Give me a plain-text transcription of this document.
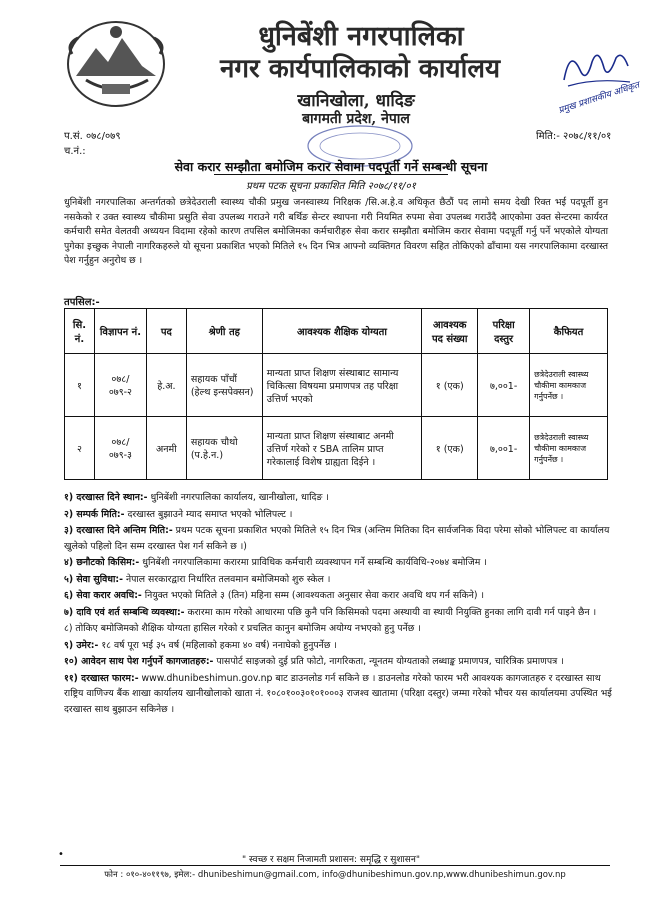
धुनिबेंशी नगरपालिका
नगर कार्यपालिकाको कार्यालय
खानिखोला, धादिङ
बागमती प्रदेश, नेपाल
प्रमुख प्रशासकीय अधिकृत
प.सं. ०७८/०७९
च.नं.:
मिति:- २०७८/११/०१
सेवा करार सम्झौता बमोजिम करार सेवामा पदपूर्ती गर्ने सम्बन्धी सूचना
प्रथम पटक सूचना प्रकाशित मिति २०७८/११/०१
धुनिबेंशी नगरपालिका अन्तर्गतको छत्रेदेउराली स्वास्थ्य चौकी प्रमुख जनस्वास्थ्य निरिक्षक /सि.अ.हे.व अधिकृत छैठौं पद लामो समय देखी रिक्त भई पदपूर्ती हुन नसकेको र उक्त स्वास्थ्य चौकीमा प्रसुति सेवा उपलब्ध गराउने गरी बर्थिङ सेन्टर स्थापना गरी नियमित रुपमा सेवा उपलब्ध गराउँदै आएकोमा उक्त सेन्टरमा कार्यरत कर्मचारी समेत वेलतवी अध्ययन विदामा रहेको कारण तपसिल बमोजिमका कर्मचारीहरु सेवा करार सम्झौता बमोजिम करार सेवामा पदपूर्ती गर्नु पर्ने भएकोले योग्यता पुगेका इच्छुक नेपाली नागरिकहरुले यो सूचना प्रकाशित भएको मितिले १५ दिन भित्र आफ्नो व्यक्तिगत विवरण सहित तोकिएको ढाँचामा यस नगरपालिकामा दरखास्त पेश गर्नुहुन अनुरोध छ ।
तपसिल:-
सि. नं.	विज्ञापन नं.	पद	श्रेणी तह	आवश्यक शैक्षिक योग्यता	आवश्यक पद संख्या	परिक्षा दस्तुर	कैफियत
१	०७८/ ०७९-२	हे.अ.	सहायक पाँचौं (हेल्थ इन्सपेक्सन)	मान्यता प्राप्त शिक्षण संस्थाबाट सामान्य चिकित्सा विषयमा प्रमाणपत्र तह परिक्षा उत्तिर्ण भएको	१ (एक)	७,००1-	छत्रेदेउराली स्वास्थ्य चौकीमा कामकाज गर्नुपर्नेछ ।
२	०७८/ ०७९-३	अनमी	सहायक चौथो (प.हे.न.)	मान्यता प्राप्त शिक्षण संस्थाबाट अनमी उत्तिर्ण गरेको र SBA तालिम प्राप्त गरेकालाई विशेष ग्राह्यता दिईने ।	१ (एक)	७,००1-	छत्रेदेउराली स्वास्थ्य चौकीमा कामकाज गर्नुपर्नेछ ।
१) दरखास्त दिने स्थान:- धुनिबेंशी नगरपालिका कार्यालय, खानीखोला, धादिङ ।
२) सम्पर्क मिति:- दरखास्त बुझाउने म्याद समाप्त भएको भोलिपल्ट ।
३) दरखास्त दिने अन्तिम मिति:- प्रथम पटक सूचना प्रकाशित भएको मितिले १५ दिन भित्र (अन्तिम मितिका दिन सार्वजनिक विदा परेमा सोको भोलिपल्ट वा कार्यालय खुलेको पहिलो दिन सम्म दरखास्त पेश गर्न सकिने छ ।)
४) छनौटको किसिम:- धुनिबेंशी नगरपालिकामा करारमा प्राविधिक कर्मचारी व्यवस्थापन गर्ने सम्बन्धि कार्यविधि-२०७४ बमोजिम ।
५) सेवा सुविधा:- नेपाल सरकारद्वारा निर्धारित तलवमान बमोजिमको शुरु स्केल ।
६) सेवा करार अवधि:- नियुक्त भएको मितिले ३ (तिन) महिना सम्म (आवश्यकता अनुसार सेवा करार अवधि थप गर्न सकिने) ।
७) दावि एवं शर्त सम्बन्धि व्यवस्था:- करारमा काम गरेको आधारमा पछि कुनै पनि किसिमको पदमा अस्थायी वा स्थायी नियुक्ति हुनका लागि दावी गर्न पाइने छैन ।
८) तोकिए बमोजिमको शैक्षिक योग्यता हासिल गरेको र प्रचलित कानुन बमोजिम अयोग्य नभएको हुनु पर्नेछ ।
९) उमेर:- १८ वर्ष पूरा भई ३५ वर्ष (महिलाको हकमा ४० वर्ष) ननाघेको हुनुपर्नेछ ।
१०) आवेदन साथ पेश गर्नुपर्ने कागजातहरु:- पासपोर्ट साइजको दुई प्रति फोटो, नागरिकता, न्यूनतम योग्यताको लब्धाङ्क प्रमाणपत्र, चारित्रिक प्रमाणपत्र ।
११) दरखास्त फारम:- www.dhunibeshimun.gov.np बाट डाउनलोड गर्न सकिने छ । डाउनलोड गरेको फारम भरी आवश्यक कागजातहरु र दरखास्त साथ राष्ट्रिय वाणिज्य बैंक शाखा कार्यालय खानीखोलाको खाता नं. १०८०१००३०१०१०००३ राजश्व खातामा (परिक्षा दस्तुर) जम्मा गरेको भौचर यस कार्यालयमा उपस्थित भई दरखास्त साथ बुझाउन सकिनेछ ।
•	" स्वच्छ र सक्षम निजामती प्रशासन: समृद्धि र सुशासन"
फोन : ०१०-४०११९७, इमेल:- dhunibeshimun@gmail.com, info@dhunibeshimun.gov.np,www.dhunibeshimun.gov.np
